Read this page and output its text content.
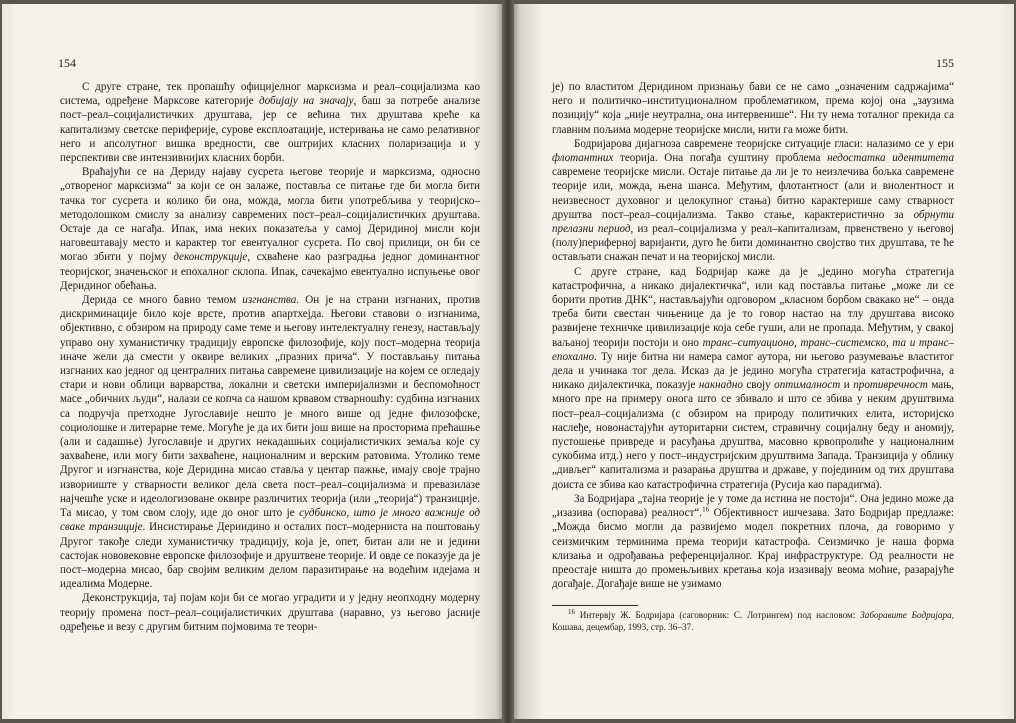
154

С друге стране, тек пропашћу официјелног марксизма и реал–социјализма као система, одређене Марксове категорије добијају на значају, баш за потребе анализе пост–реал–социјалистичких друштава, јер се већина тих друштава креће ка капитализму светске периферије, сурове експлоатације, истеривања не само релативног него и апсолутног вишка вредности, све оштријих класних поларизација и у перспективи све интензивнијих класних борби.

Враћајући се на Дериду најаву сусрета његове теорије и марксизма, односно „отвореног марксизма“ за који се он залаже, поставља се питање где би могла бити тачка тог сусрета и колико би она, можда, могла бити употребљива у теоријско–методолошком смислу за анализу савремених пост–реал–социјалистичких друштава. Остаје да се нагађа. Ипак, има неких показатеља у самој Деридиној мисли који наговештавају место и карактер тог евентуалног сусрета. По свој прилици, он би се могао збити у појму деконструкције, схваћене као разградња једног доминантног теоријског, значењског и епохалног склопа. Ипак, сачекајмо евентуално испуњење овог Деридиног обећања.

Дерида се много бавио темом изгнанства. Он је на страни изгнаних, против дискриминације било које врсте, против апартхејда. Његови ставови о изгнанима, објективно, с обзиром на природу саме теме и његову интелектуалну генезу, настављају управо ону хуманистичку традицију европске филозофије, коју пост–модерна теорија иначе жели да смести у оквире великих „празних прича“. У постављању питања изгнаних као једног од централних питања савремене цивилизације на којем се огледају стари и нови облици варварства, локални и светски империјализми и беспомоћност масе „обичних људи“, налази се копча са нашом крвавом стварношћу: судбина изгнаних са подручја претходне Југославије нешто је много више од једне филозофске, социолошке и литерарне теме. Могуће је да их бити још више на просторима прећашње (али и садашње) Југославије и других некадашњих социјалистичких земаља које су захваћене, или могу бити захваћене, националним и верским ратовима. Утолико теме Другог и изгнанства, које Деридина мисао ставља у центар пажње, имају своје трајно изворииште у стварности великог дела света пост–реал–социјализма и превазилазе најчешће уске и идеологизоване оквире различитих теорија (или „теорија“) транзиције. Та мисао, у том свом слоју, иде до оног што је судбинско, што је много важније од сваке транзиције. Инсистирање Дериидино и осталих пост–модерниста на поштовању Другог такође следи хуманистичку традицију, која је, опет, битан али не и једини састојак нововековне европске филозофије и друштвене теорије. И овде се показује да је пост–модерна мисао, бар својим великим делом паразитирање на водећим идејама и идеалима Модерне.

Деконструкција, тај појам који би се могао уградити и у једну неопходну модерну теорију промена пост–реал–социјалистичких друштава (наравно, уз његово јасније одређење и везу с другим битним појмовима те теори-

155

је) по властитом Деридином признању бави се не само „означеним садржајима“ него и политичко–институционалном проблематиком, према којој она „заузима позицију“ која „није неутрална, она интервенише“. Ни ту нема тоталног прекида са главним пољима модерне теоријске мисли, нити га може бити.

Бодријарова дијагноза савремене теоријске ситуације гласи: налазимо се у ери флотантних теорија. Она погађа суштину проблема недостатка идентитета савремене теоријске мисли. Остаје питање да ли је то неизлечива бољка савремене теорије или, можда, њена шанса. Међутим, флотантност (али и виолентност и неизвесност духовног и целокупног стања) битно карактерише саму стварност друштва пост–реал–социјализма. Такво стање, карактеристично за обрнути прелазни период, из реал–социјализма у реал–капитализам, првенствено у његовој (полу)периферној варијанти, дуго ће бити доминантно својство тих друштава, те ће остављати снажан печат и на теоријској мисли.

С друге стране, кад Бодријар каже да је „једино могућа стратегија катастрофична, а никако дијалектичка“, или кад поставља питање „може ли се борити против ДНК“, настављајући одговором „класном борбом свакако не“ – онда треба бити свестан чињенице да је то говор настао на тлу друштава високо развијене техничке цивилизације која себе гуши, али не пропада. Међутим, у свакој ваљаној теорији постоји и оно транс–ситуационо, транс–системско, та и транс–епохално. Ту није битна ни намера самог аутора, ни његово разумевање властитог дела и учинака тог дела. Исказ да је једино могућа стратегија катастрофична, а никако дијалектичка, показује накнадно своју оптималност и противречност мањ, много пре на примеру онога што се збивало и што се збива у неким друштвима пост–реал–социјализма (с обзиром на природу политичких елита, историјско наслеђе, новонастајући ауторитарни систем, стравичну социјалну беду и аномију, пустошење привреде и расуђања друштва, масовно крвопролиће у националним сукобима итд.) него у пост–индустријским друштвима Запада. Транзиција у облику „дивљег“ капитализма и разарања друштва и државе, у појединим од тих друштава доиста се збива као катастрофична стратегија (Русија као парадигма).

За Бодријара „тајна теорије је у томе да истина не постоји“. Она једино може да „изазива (оспорава) реалност“.$^{16}$ Објективност ишчезава. Зато Бодријар предлаже: „Можда бисмо могли да развијемо модел покретних плоча, да говоримо у сеизмичким терминима према теорији катастрофа. Сеизмичко је наша форма клизања и одрођавања референцијалног. Крај инфраструктуре. Од реалности не преостаје ништа до промењљивих кретања која изазивају веома моћне, разарајуће догађаје. Догађаје више не узимамо

$^{16}$ Интервју Ж. Бодријара (саговорник: С. Лотрингем) под насловом: Заборавите Бодријара, Кошава, децембар, 1993, стр. 36–37.
